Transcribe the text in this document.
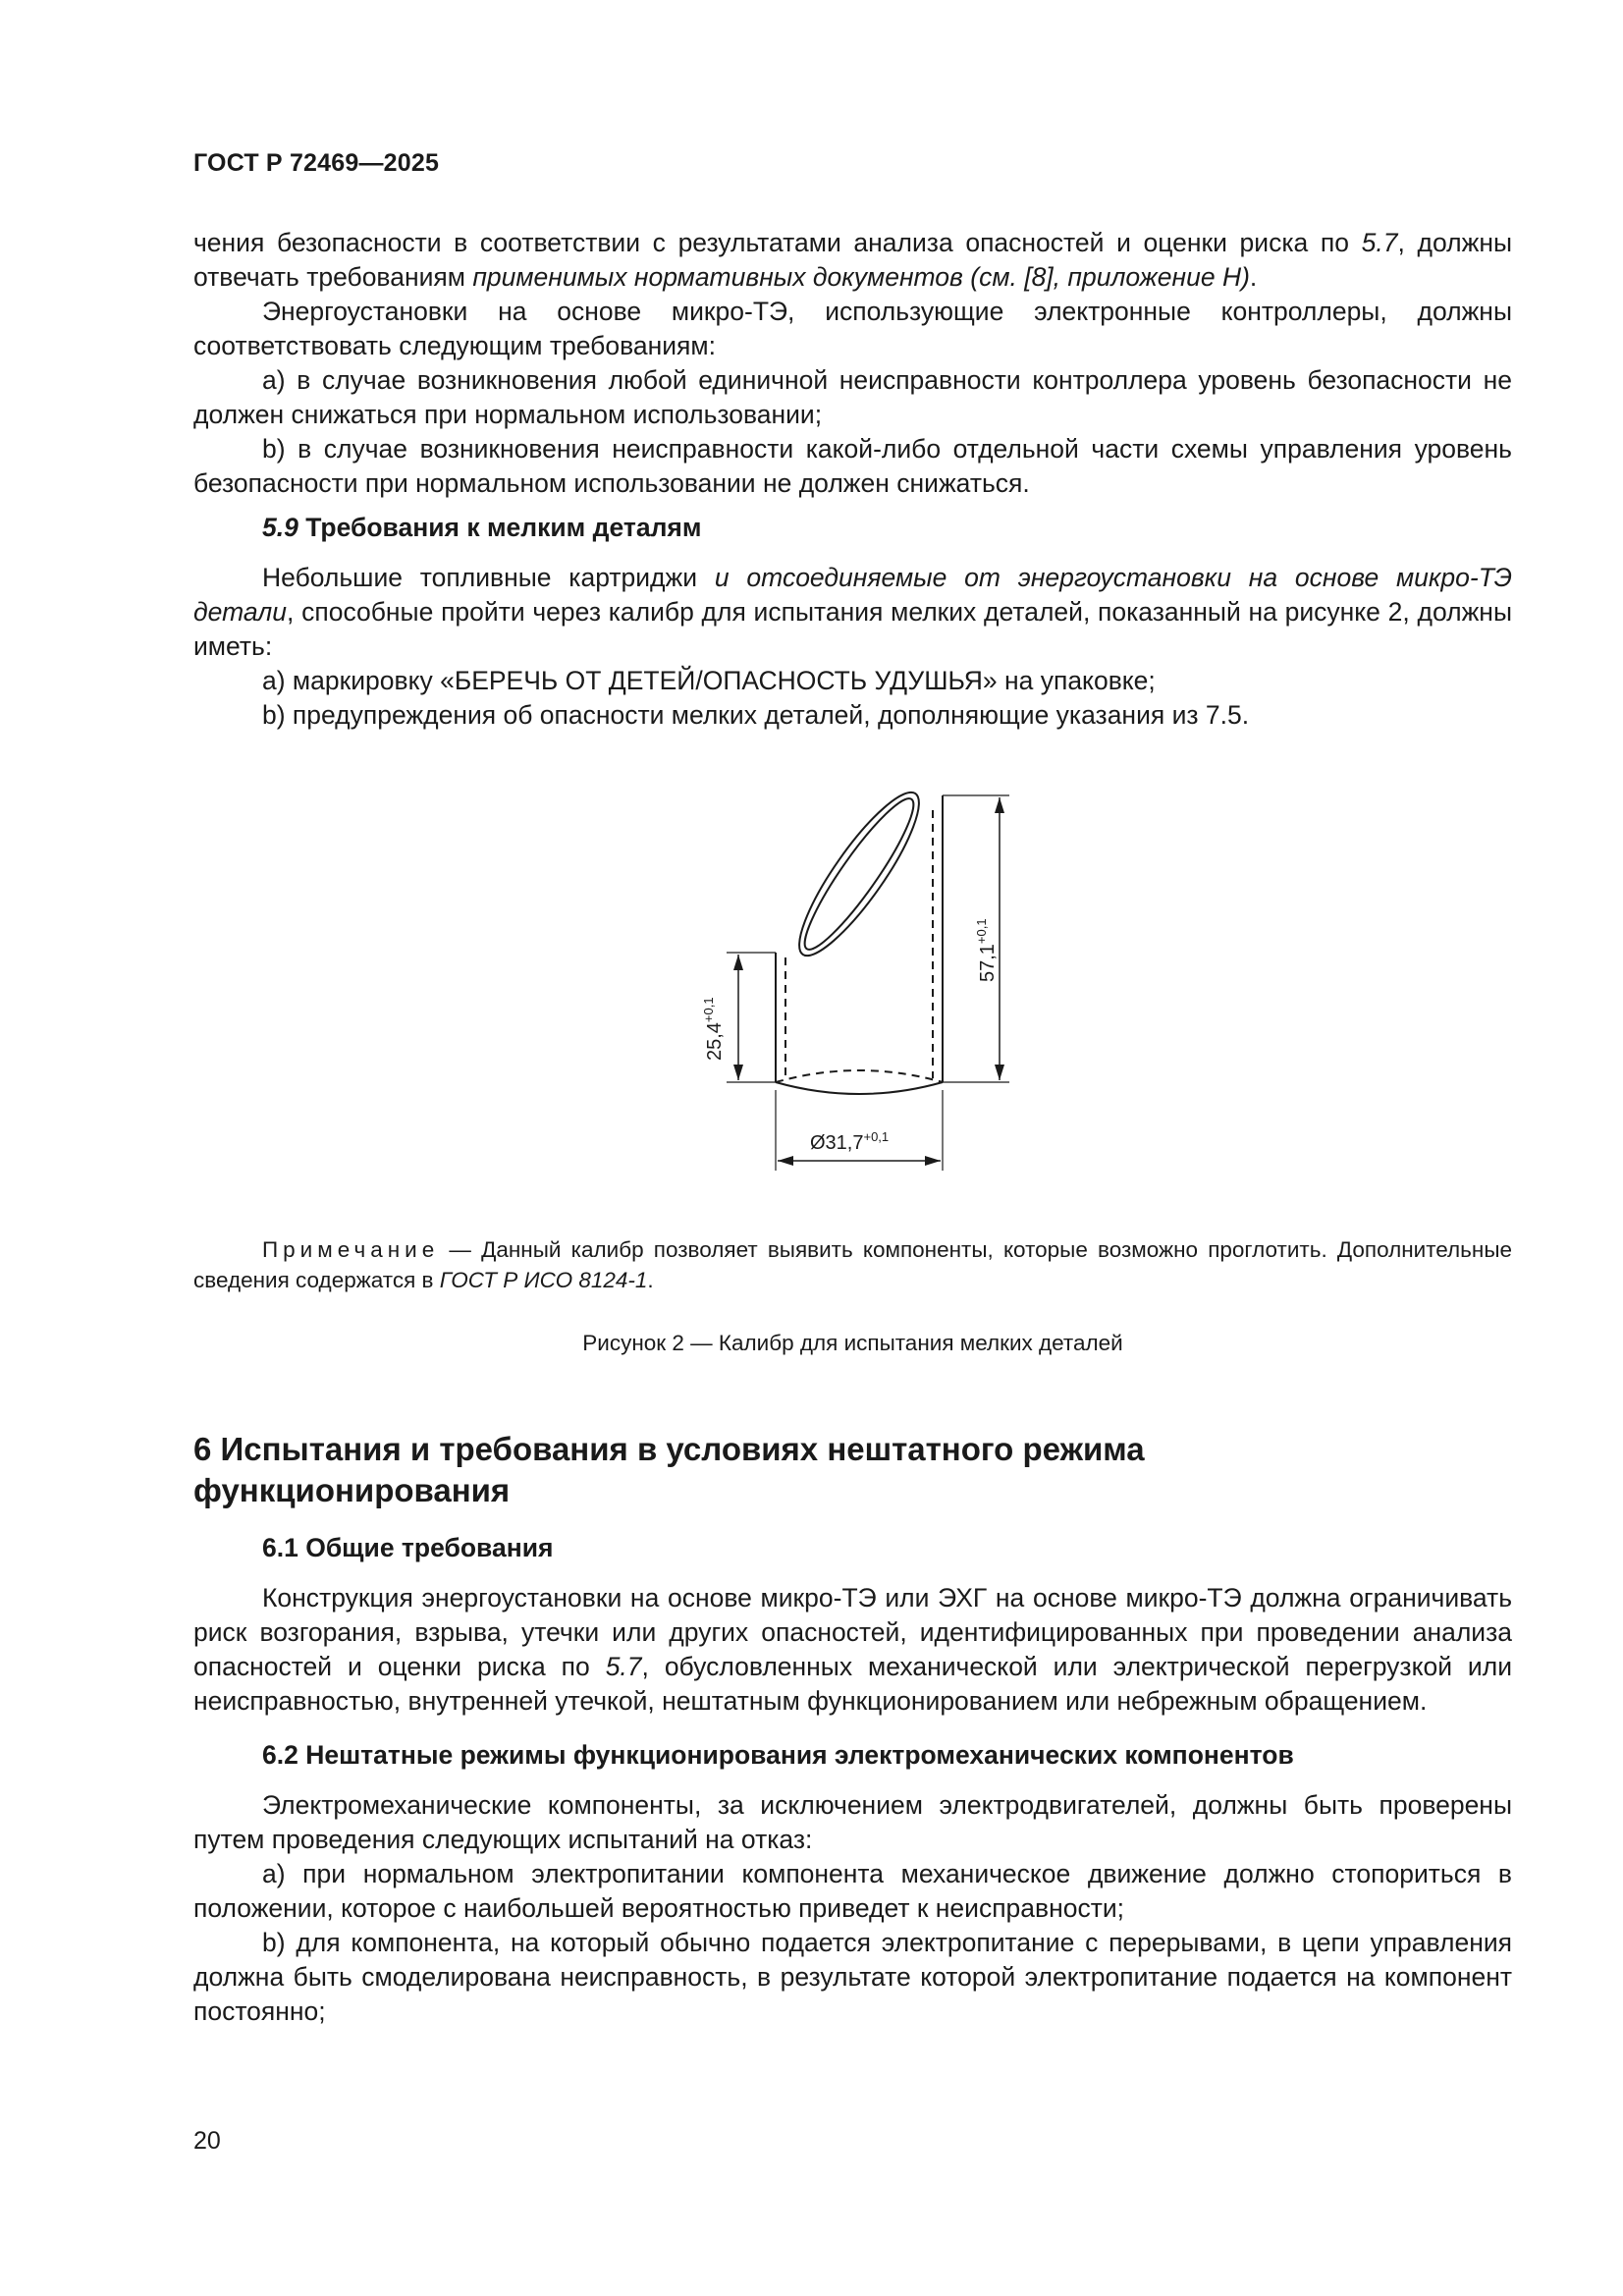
ГОСТ Р 72469—2025

чения безопасности в соответствии с результатами анализа опасностей и оценки риска по 5.7, должны отвечать требованиям применимых нормативных документов (см. [8], приложение Н).

Энергоустановки на основе микро-ТЭ, использующие электронные контроллеры, должны соответствовать следующим требованиям:

а) в случае возникновения любой единичной неисправности контроллера уровень безопасности не должен снижаться при нормальном использовании;

b) в случае возникновения неисправности какой-либо отдельной части схемы управления уровень безопасности при нормальном использовании не должен снижаться.

5.9 Требования к мелким деталям

Небольшие топливные картриджи и отсоединяемые от энергоустановки на основе микро-ТЭ детали, способные пройти через калибр для испытания мелких деталей, показанный на рисунке 2, должны иметь:

а) маркировку «БЕРЕЧЬ ОТ ДЕТЕЙ/ОПАСНОСТЬ УДУШЬЯ» на упаковке;

b) предупреждения об опасности мелких деталей, дополняющие указания из 7.5.

$25,4^{+0,1}$
$57,1^{+0,1}$
$Ø31,7^{+0,1}$

Примечание — Данный калибр позволяет выявить компоненты, которые возможно проглотить. Дополнительные сведения содержатся в ГОСТ Р ИСО 8124-1.

Рисунок 2 — Калибр для испытания мелких деталей

6 Испытания и требования в условиях нештатного режима функционирования
6.1 Общие требования

Конструкция энергоустановки на основе микро-ТЭ или ЭХГ на основе микро-ТЭ должна ограничивать риск возгорания, взрыва, утечки или других опасностей, идентифицированных при проведении анализа опасностей и оценки риска по 5.7, обусловленных механической или электрической перегрузкой или неисправностью, внутренней утечкой, нештатным функционированием или небрежным обращением.

6.2 Нештатные режимы функционирования электромеханических компонентов

Электромеханические компоненты, за исключением электродвигателей, должны быть проверены путем проведения следующих испытаний на отказ:

а) при нормальном электропитании компонента механическое движение должно стопориться в положении, которое с наибольшей вероятностью приведет к неисправности;

b) для компонента, на который обычно подается электропитание с перерывами, в цепи управления должна быть смоделирована неисправность, в результате которой электропитание подается на компонент постоянно;

20
